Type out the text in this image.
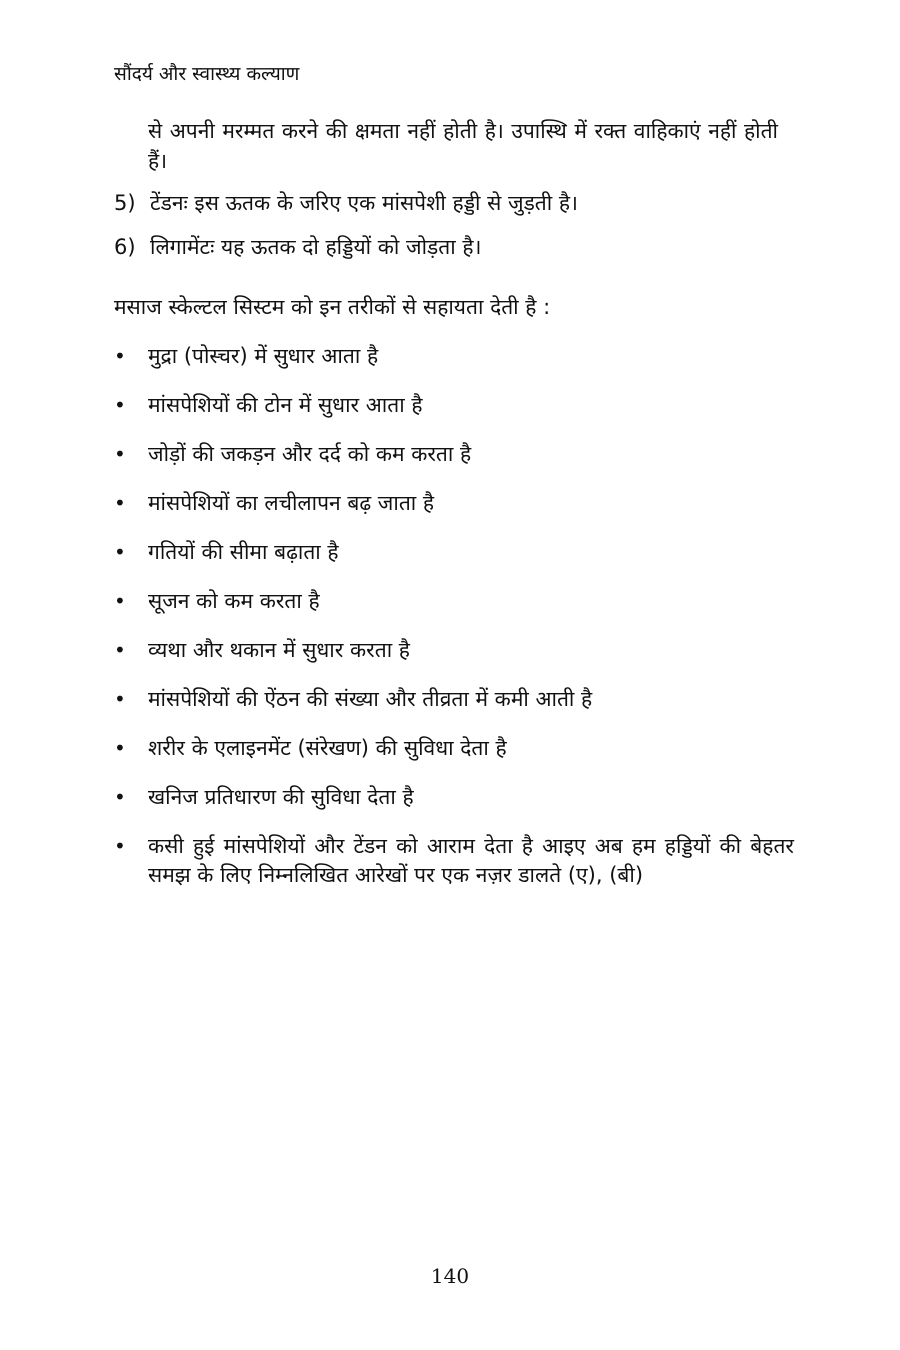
सौंदर्य और स्वास्थ्य कल्याण
से अपनी मरम्मत करने की क्षमता नहीं होती है। उपास्थि में रक्त वाहिकाएं नहीं होती हैं।
5) टेंडनः इस ऊतक के जरिए एक मांसपेशी हड्डी से जुड़ती है।
6) लिगामेंटः यह ऊतक दो हड्डियों को जोड़ता है।
मसाज स्केल्टल सिस्टम को इन तरीकों से सहायता देती है :
•	मुद्रा (पोस्चर) में सुधार आता है
•	मांसपेशियों की टोन में सुधार आता है
•	जोड़ों की जकड़न और दर्द को कम करता है
•	मांसपेशियों का लचीलापन बढ़ जाता है
•	गतियों की सीमा बढ़ाता है
•	सूजन को कम करता है
•	व्यथा और थकान में सुधार करता है
•	मांसपेशियों की ऐंठन की संख्या और तीव्रता में कमी आती है
•	शरीर के एलाइनमेंट (संरेखण) की सुविधा देता है
•	खनिज प्रतिधारण की सुविधा देता है
•	कसी हुई मांसपेशियों और टेंडन को आराम देता है आइए अब हम हड्डियों की बेहतर समझ के लिए निम्नलिखित आरेखों पर एक नज़र डालते (ए), (बी)
140
